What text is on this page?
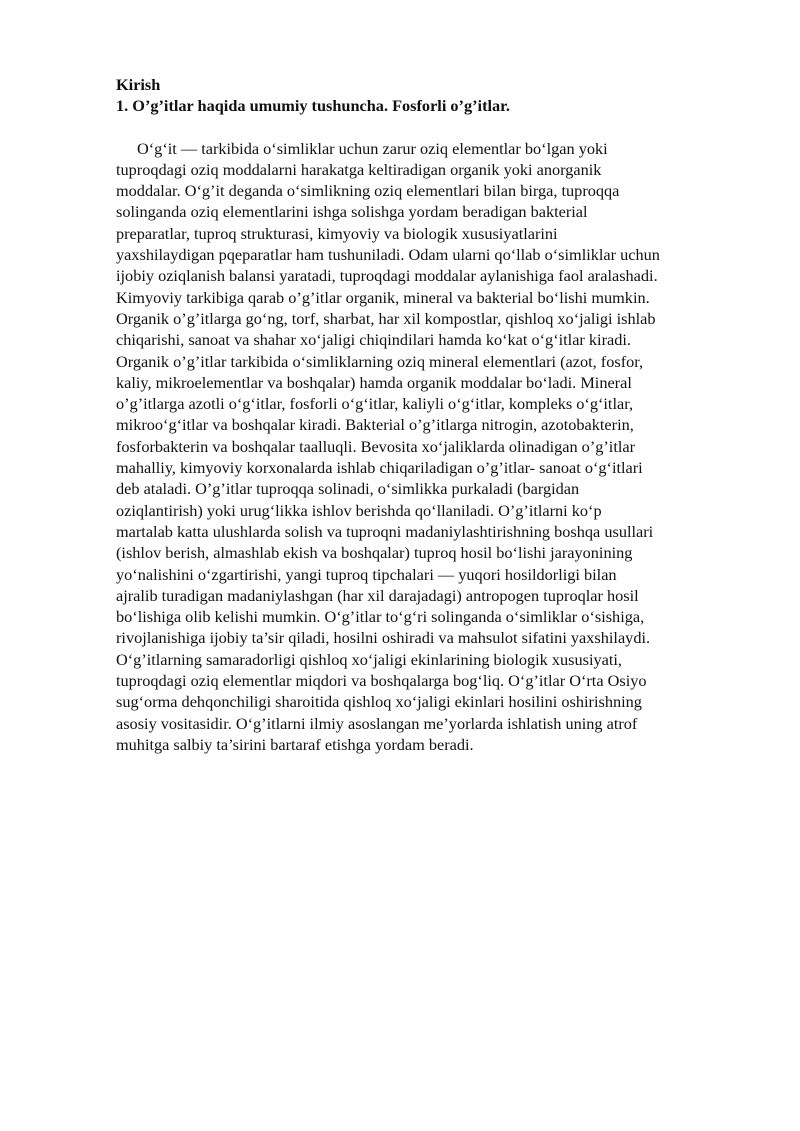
Kirish

1. O’g’itlar haqida umumiy tushuncha. Fosforli o’g’itlar.

O‘g‘it — tarkibida o‘simliklar uchun zarur oziq elementlar bo‘lgan yoki
tuproqdagi oziq moddalarni harakatga keltiradigan organik yoki anorganik
moddalar. O‘g’it deganda o‘simlikning oziq elementlari bilan birga, tuproqqa
solinganda oziq elementlarini ishga solishga yordam beradigan bakterial
preparatlar, tuproq strukturasi, kimyoviy va biologik xususiyatlarini
yaxshilaydigan pqeparatlar ham tushuniladi. Odam ularni qo‘llab o‘simliklar uchun
ijobiy oziqlanish balansi yaratadi, tuproqdagi moddalar aylanishiga faol aralashadi.
Kimyoviy tarkibiga qarab o’g’itlar organik, mineral va bakterial bo‘lishi mumkin.
Organik o’g’itlarga go‘ng, torf, sharbat, har xil kompostlar, qishloq xo‘jaligi ishlab
chiqarishi, sanoat va shahar xo‘jaligi chiqindilari hamda ko‘kat o‘g‘itlar kiradi.
Organik o’g’itlar tarkibida o‘simliklarning oziq mineral elementlari (azot, fosfor,
kaliy, mikroelementlar va boshqalar) hamda organik moddalar bo‘ladi. Mineral
o’g’itlarga azotli o‘g‘itlar, fosforli o‘g‘itlar, kaliyli o‘g‘itlar, kompleks o‘g‘itlar,
mikroo‘g‘itlar va boshqalar kiradi. Bakterial o’g’itlarga nitrogin, azotobakterin,
fosforbakterin va boshqalar taalluqli. Bevosita xo‘jaliklarda olinadigan o’g’itlar
mahalliy, kimyoviy korxonalarda ishlab chiqariladigan o’g’itlar- sanoat o‘g‘itlari
deb ataladi. O’g’itlar tuproqqa solinadi, o‘simlikka purkaladi (bargidan
oziqlantirish) yoki urug‘likka ishlov berishda qo‘llaniladi. O’g’itlarni ko‘p
martalab katta ulushlarda solish va tuproqni madaniylashtirishning boshqa usullari
(ishlov berish, almashlab ekish va boshqalar) tuproq hosil bo‘lishi jarayonining
yo‘nalishini o‘zgartirishi, yangi tuproq tipchalari — yuqori hosildorligi bilan
ajralib turadigan madaniylashgan (har xil darajadagi) antropogen tuproqlar hosil
bo‘lishiga olib kelishi mumkin. O‘g’itlar to‘g‘ri solinganda o‘simliklar o‘sishiga,
rivojlanishiga ijobiy ta’sir qiladi, hosilni oshiradi va mahsulot sifatini yaxshilaydi.
O‘g’itlarning samaradorligi qishloq xo‘jaligi ekinlarining biologik xususiyati,
tuproqdagi oziq elementlar miqdori va boshqalarga bog‘liq. O‘g’itlar O‘rta Osiyo
sug‘orma dehqonchiligi sharoitida qishloq xo‘jaligi ekinlari hosilini oshirishning
asosiy vositasidir. O‘g’itlarni ilmiy asoslangan me’yorlarda ishlatish uning atrof
muhitga salbiy ta’sirini bartaraf etishga yordam beradi.
